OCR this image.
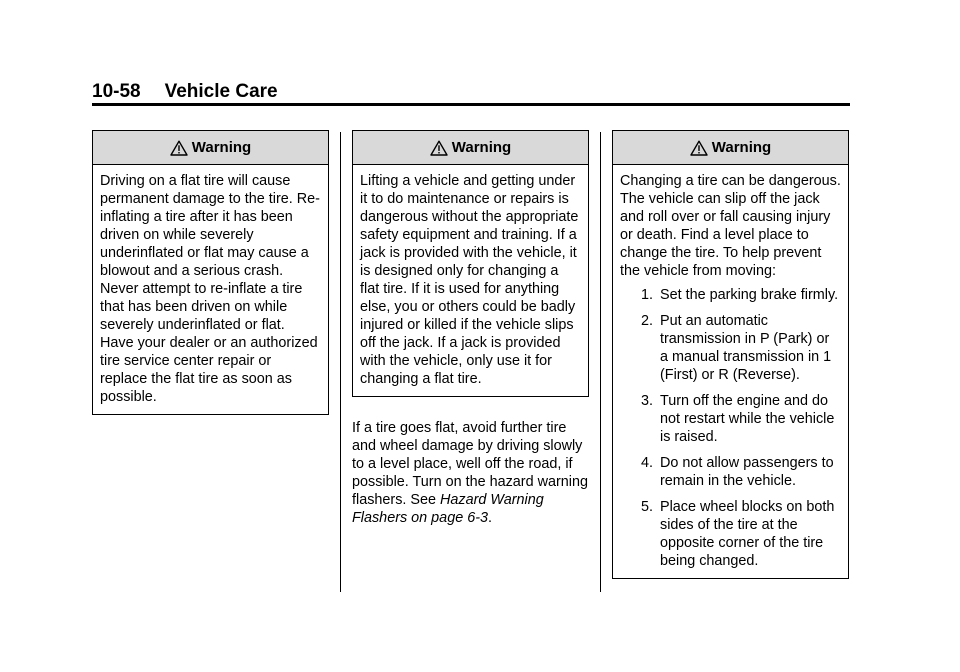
10-58 Vehicle Care
Warning
Driving on a flat tire will cause permanent damage to the tire. Re-inflating a tire after it has been driven on while severely underinflated or flat may cause a blowout and a serious crash. Never attempt to re-inflate a tire that has been driven on while severely underinflated or flat. Have your dealer or an authorized tire service center repair or replace the flat tire as soon as possible.
Warning
Lifting a vehicle and getting under it to do maintenance or repairs is dangerous without the appropriate safety equipment and training. If a jack is provided with the vehicle, it is designed only for changing a flat tire. If it is used for anything else, you or others could be badly injured or killed if the vehicle slips off the jack. If a jack is provided with the vehicle, only use it for changing a flat tire.
If a tire goes flat, avoid further tire and wheel damage by driving slowly to a level place, well off the road, if possible. Turn on the hazard warning flashers. See Hazard Warning Flashers on page 6-3.
Warning
Changing a tire can be dangerous. The vehicle can slip off the jack and roll over or fall causing injury or death. Find a level place to change the tire. To help prevent the vehicle from moving:
1. Set the parking brake firmly.
2. Put an automatic transmission in P (Park) or a manual transmission in 1 (First) or R (Reverse).
3. Turn off the engine and do not restart while the vehicle is raised.
4. Do not allow passengers to remain in the vehicle.
5. Place wheel blocks on both sides of the tire at the opposite corner of the tire being changed.
